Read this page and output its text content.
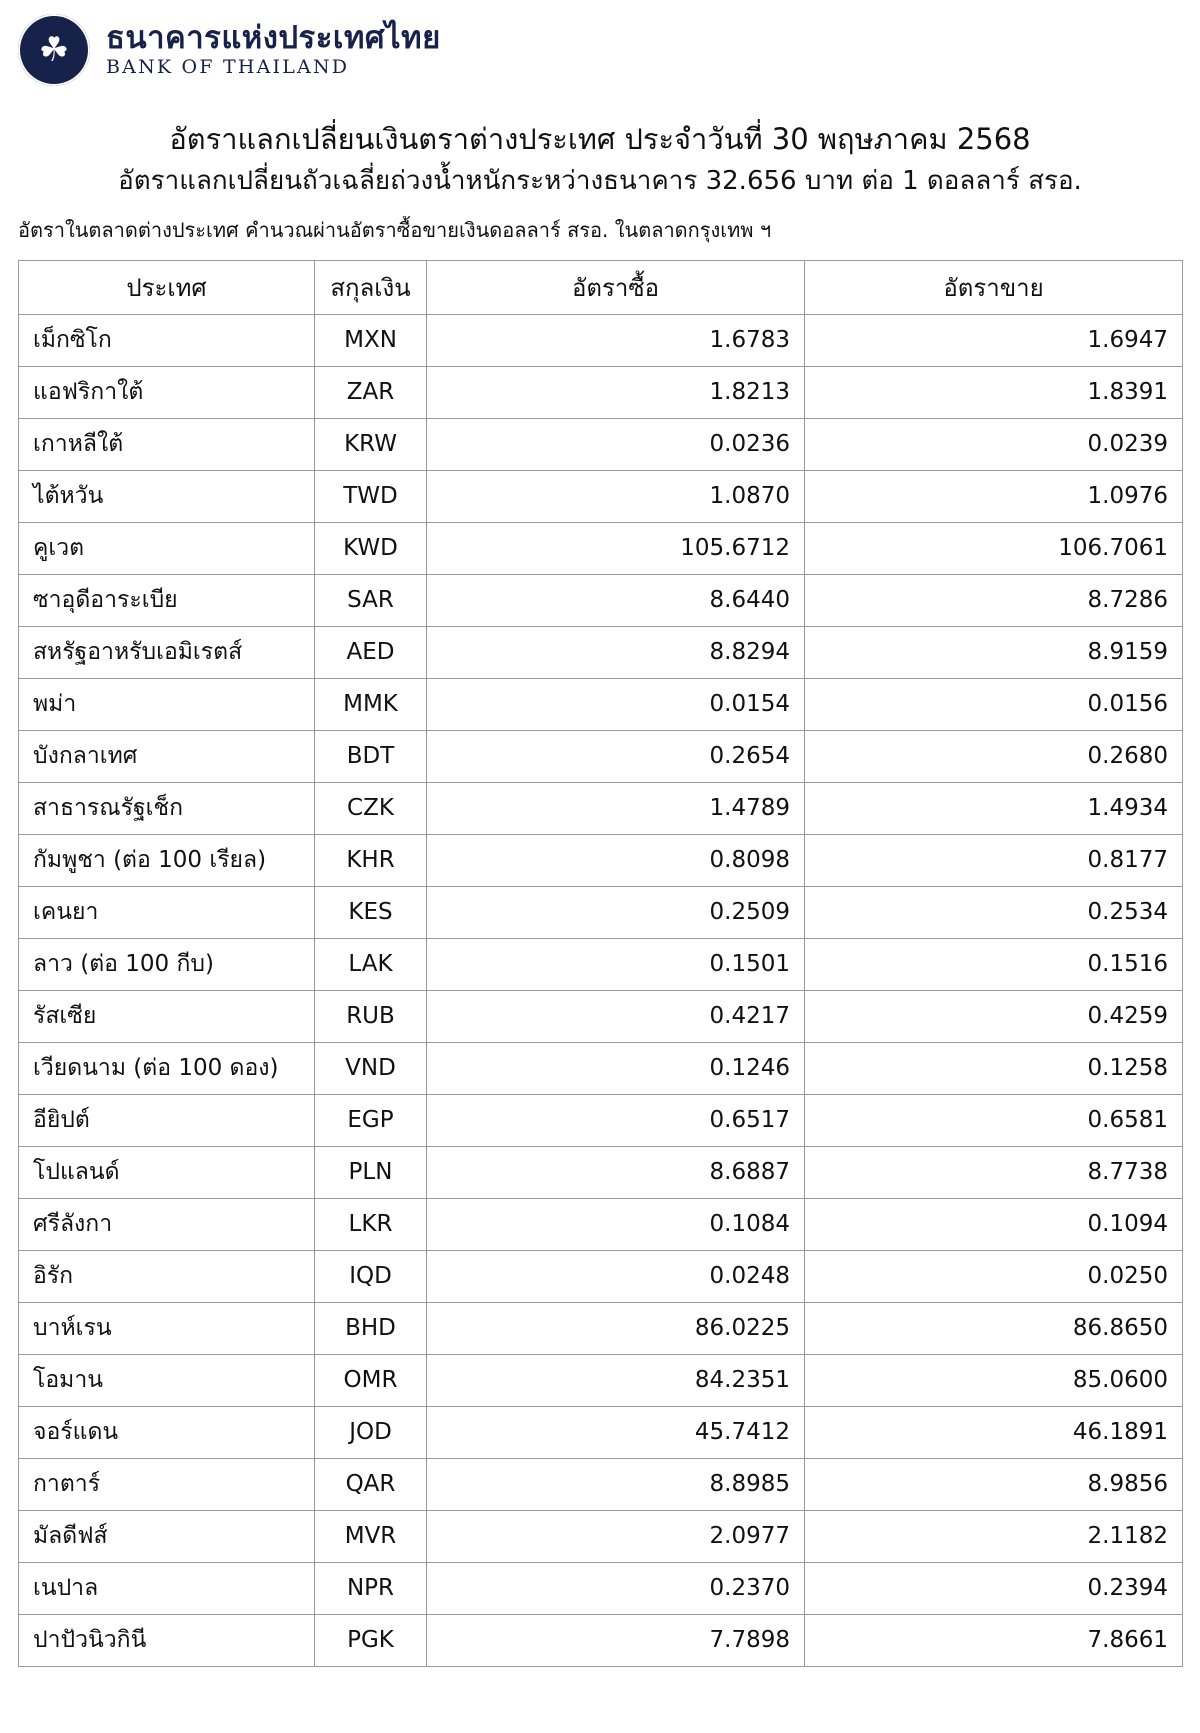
☘ ธนาคารแห่งประเทศไทย
BANK OF THAILAND
อัตราแลกเปลี่ยนเงินตราต่างประเทศ ประจำวันที่ 30 พฤษภาคม 2568
อัตราแลกเปลี่ยนถัวเฉลี่ยถ่วงน้ำหนักระหว่างธนาคาร 32.656 บาท ต่อ 1 ดอลลาร์ สรอ.
อัตราในตลาดต่างประเทศ คำนวณผ่านอัตราซื้อขายเงินดอลลาร์ สรอ. ในตลาดกรุงเทพ ฯ
ประเทศ	สกุลเงิน	อัตราซื้อ	อัตราขาย
เม็กซิโก	MXN	1.6783	1.6947
แอฟริกาใต้	ZAR	1.8213	1.8391
เกาหลีใต้	KRW	0.0236	0.0239
ไต้หวัน	TWD	1.0870	1.0976
คูเวต	KWD	105.6712	106.7061
ซาอุดีอาระเบีย	SAR	8.6440	8.7286
สหรัฐอาหรับเอมิเรตส์	AED	8.8294	8.9159
พม่า	MMK	0.0154	0.0156
บังกลาเทศ	BDT	0.2654	0.2680
สาธารณรัฐเช็ก	CZK	1.4789	1.4934
กัมพูชา (ต่อ 100 เรียล)	KHR	0.8098	0.8177
เคนยา	KES	0.2509	0.2534
ลาว (ต่อ 100 กีบ)	LAK	0.1501	0.1516
รัสเซีย	RUB	0.4217	0.4259
เวียดนาม (ต่อ 100 ดอง)	VND	0.1246	0.1258
อียิปต์	EGP	0.6517	0.6581
โปแลนด์	PLN	8.6887	8.7738
ศรีลังกา	LKR	0.1084	0.1094
อิรัก	IQD	0.0248	0.0250
บาห์เรน	BHD	86.0225	86.8650
โอมาน	OMR	84.2351	85.0600
จอร์แดน	JOD	45.7412	46.1891
กาตาร์	QAR	8.8985	8.9856
มัลดีฟส์	MVR	2.0977	2.1182
เนปาล	NPR	0.2370	0.2394
ปาปัวนิวกินี	PGK	7.7898	7.8661
